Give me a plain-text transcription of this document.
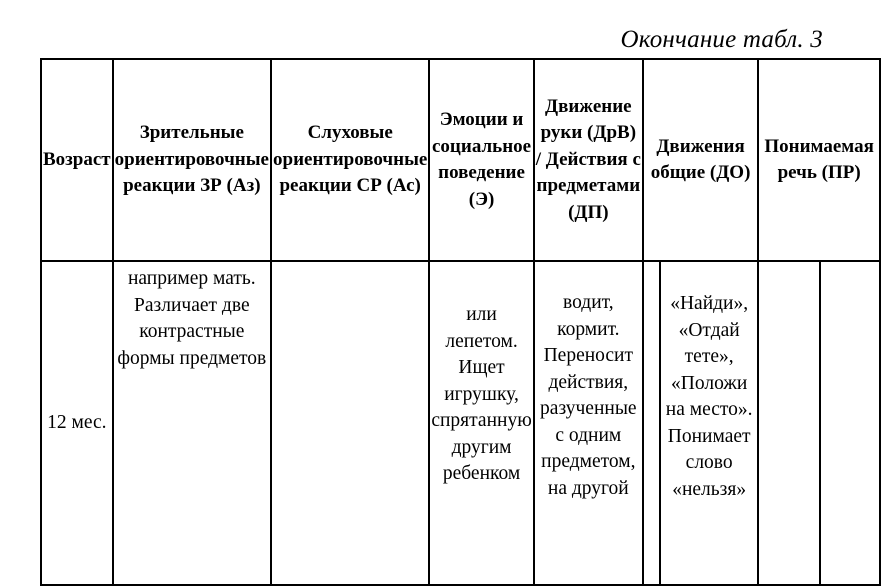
Окончание табл. 3
Возраст	Зрительные ориентировочные реакции ЗР (Аз)	Слуховые ориентировочные реакции СР (Ас)	Эмоции и социальное поведение (Э)	Движение руки (ДрВ) / Действия с предметами (ДП)	Движения общие (ДО)		Понимаемая речь (ПР)	

12 мес.	например мать. Различает две контрастные формы предметов		или лепетом. Ищет игрушку, спрятанную другим ребенком	водит, кормит. Переносит действия, разученные с одним предметом, на другой		«Найди», «Отдай тете», «Положи на место». Понимает слово «нельзя»		
